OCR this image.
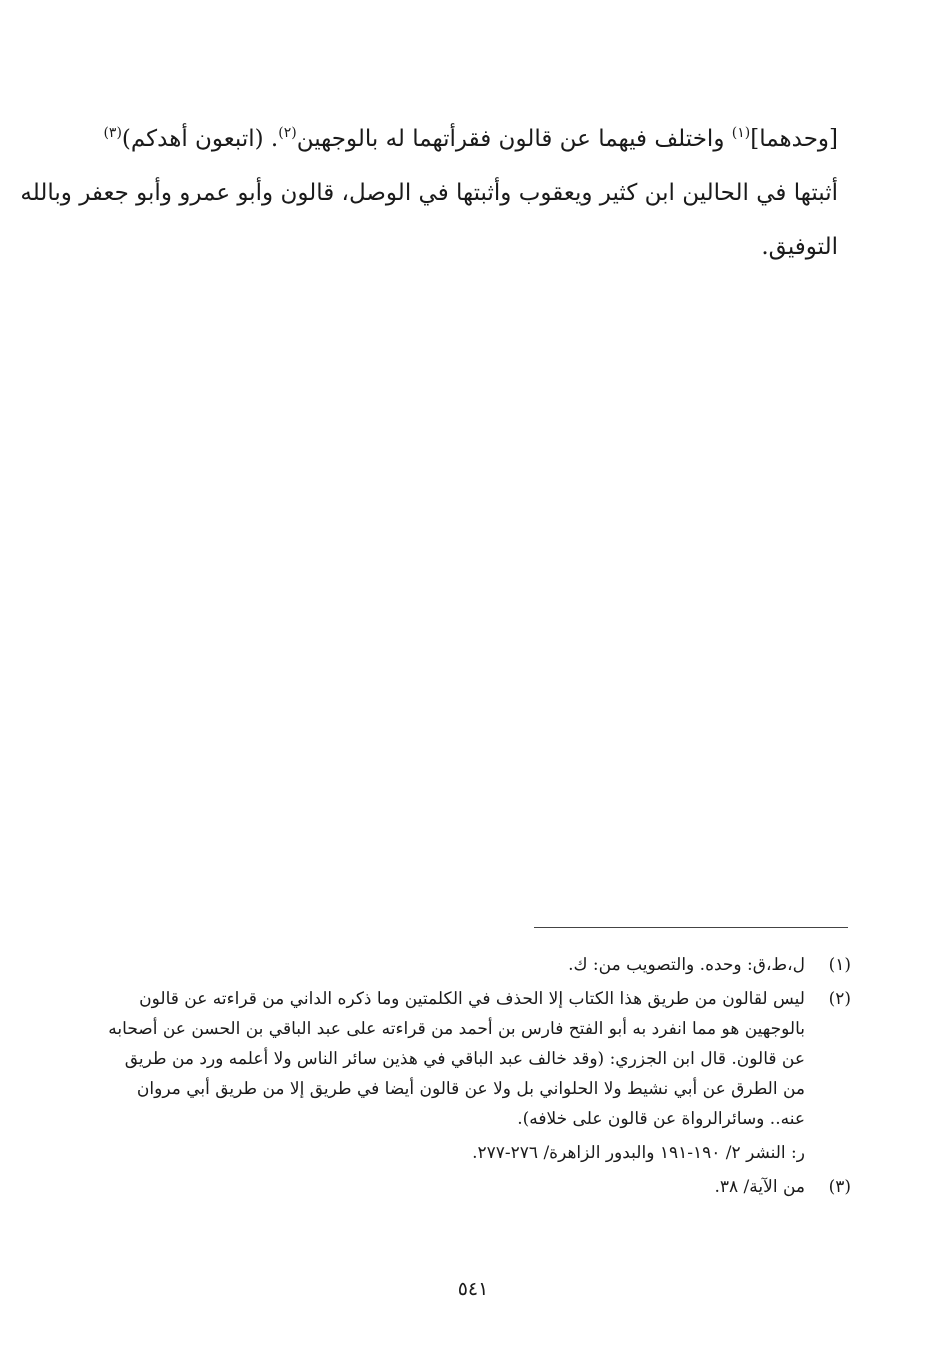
[وحدهما]$^{(١)}$ واختلف فيهما عن قالون فقرأتهما له بالوجهين$^{(٢)}$. (اتبعون أهدكم)$^{(٣)}$
أثبتها في الحالين ابن كثير ويعقوب وأثبتها في الوصل، قالون وأبو عمرو وأبو جعفر وبالله
التوفيق.
(١)
ل،ط،ق: وحده. والتصويب من: ك.
(٢)
ليس لقالون من طريق هذا الكتاب إلا الحذف في الكلمتين وما ذكره الداني من قراءته عن قالون
بالوجهين هو مما انفرد به أبو الفتح فارس بن أحمد من قراءته على عبد الباقي بن الحسن عن أصحابه
عن قالون. قال ابن الجزري: (وقد خالف عبد الباقي في هذين سائر الناس ولا أعلمه ورد من طريق
من الطرق عن أبي نشيط ولا الحلواني بل ولا عن قالون أيضا في طريق إلا من طريق أبي مروان
عنه.. وسائرالرواة عن قالون على خلافه).
ر: النشر ٢/ ١٩٠-١٩١ والبدور الزاهرة/ ٢٧٦-٢٧٧.
(٣)
من الآية/ ٣٨.
٥٤١
